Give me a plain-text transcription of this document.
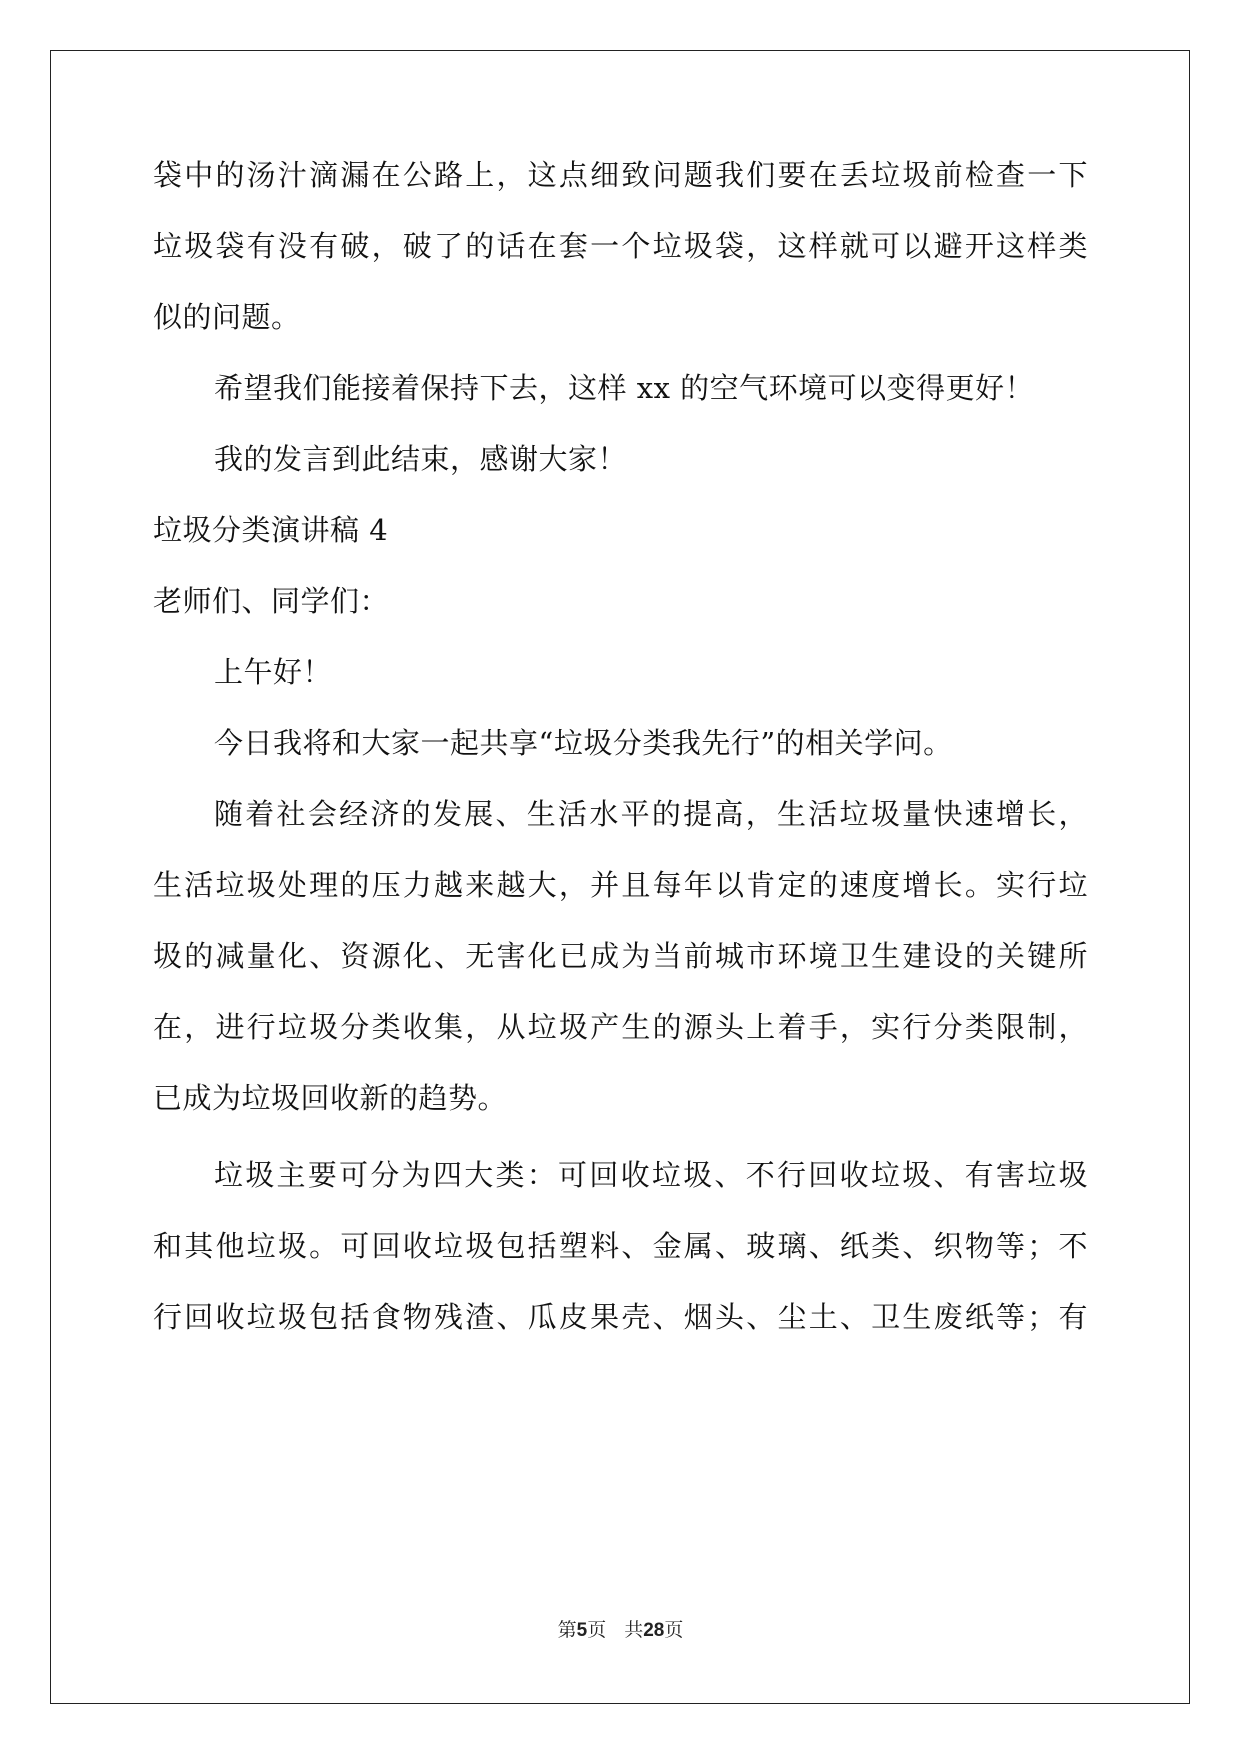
袋中的汤汁滴漏在公路上，这点细致问题我们要在丢垃圾前检查一下
垃圾袋有没有破，破了的话在套一个垃圾袋，这样就可以避开这样类
似的问题。
希望我们能接着保持下去，这样 xx 的空气环境可以变得更好！
我的发言到此结束，感谢大家！
垃圾分类演讲稿 4
老师们、同学们：
上午好！
今日我将和大家一起共享“垃圾分类我先行”的相关学问。
随着社会经济的发展、生活水平的提高，生活垃圾量快速增长，
生活垃圾处理的压力越来越大，并且每年以肯定的速度增长。实行垃
圾的减量化、资源化、无害化已成为当前城市环境卫生建设的关键所
在，进行垃圾分类收集，从垃圾产生的源头上着手，实行分类限制，
已成为垃圾回收新的趋势。
垃圾主要可分为四大类：可回收垃圾、不行回收垃圾、有害垃圾
和其他垃圾。可回收垃圾包括塑料、金属、玻璃、纸类、织物等；不
行回收垃圾包括食物残渣、瓜皮果壳、烟头、尘土、卫生废纸等；有
第5页 共28页
